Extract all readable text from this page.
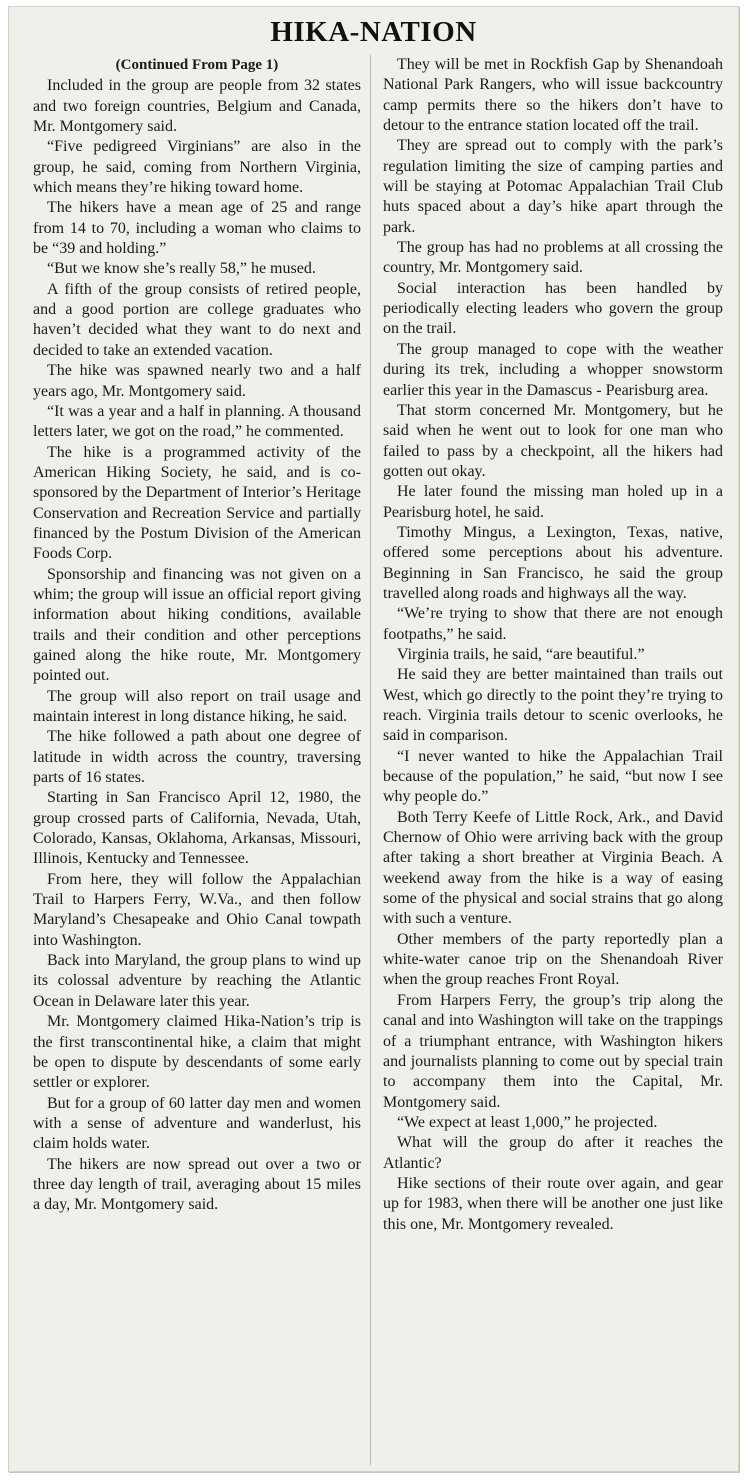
HIKA-NATION

(Continued From Page 1)

Included in the group are people from 32 states and two foreign countries, Belgium and Canada, Mr. Montgomery said.

“Five pedigreed Virginians” are also in the group, he said, coming from Northern Virginia, which means they’re hiking toward home.

The hikers have a mean age of 25 and range from 14 to 70, including a woman who claims to be “39 and holding.”

“But we know she’s really 58,” he mused.

A fifth of the group consists of retired people, and a good portion are college graduates who haven’t decided what they want to do next and decided to take an extended vacation.

The hike was spawned nearly two and a half years ago, Mr. Montgomery said.

“It was a year and a half in planning. A thousand letters later, we got on the road,” he commented.

The hike is a programmed activity of the American Hiking Society, he said, and is co-sponsored by the Department of Interior’s Heritage Conservation and Recreation Service and partially financed by the Postum Division of the American Foods Corp.

Sponsorship and financing was not given on a whim; the group will issue an official report giving information about hiking conditions, available trails and their condition and other perceptions gained along the hike route, Mr. Montgomery pointed out.

The group will also report on trail usage and maintain interest in long distance hiking, he said.

The hike followed a path about one degree of latitude in width across the country, traversing parts of 16 states.

Starting in San Francisco April 12, 1980, the group crossed parts of California, Nevada, Utah, Colorado, Kansas, Oklahoma, Arkansas, Missouri, Illinois, Kentucky and Tennessee.

From here, they will follow the Appalachian Trail to Harpers Ferry, W.Va., and then follow Maryland’s Chesapeake and Ohio Canal towpath into Washington.

Back into Maryland, the group plans to wind up its colossal adventure by reaching the Atlantic Ocean in Delaware later this year.

Mr. Montgomery claimed Hika-Nation’s trip is the first transcontinental hike, a claim that might be open to dispute by descendants of some early settler or explorer.

But for a group of 60 latter day men and women with a sense of adventure and wanderlust, his claim holds water.

The hikers are now spread out over a two or three day length of trail, averaging about 15 miles a day, Mr. Montgomery said.

They will be met in Rockfish Gap by Shenandoah National Park Rangers, who will issue backcountry camp permits there so the hikers don’t have to detour to the entrance station located off the trail.

They are spread out to comply with the park’s regulation limiting the size of camping parties and will be staying at Potomac Appalachian Trail Club huts spaced about a day’s hike apart through the park.

The group has had no problems at all crossing the country, Mr. Montgomery said.

Social interaction has been handled by periodically electing leaders who govern the group on the trail.

The group managed to cope with the weather during its trek, including a whopper snowstorm earlier this year in the Damascus - Pearisburg area.

That storm concerned Mr. Montgomery, but he said when he went out to look for one man who failed to pass by a checkpoint, all the hikers had gotten out okay.

He later found the missing man holed up in a Pearisburg hotel, he said.

Timothy Mingus, a Lexington, Texas, native, offered some perceptions about his adventure. Beginning in San Francisco, he said the group travelled along roads and highways all the way.

“We’re trying to show that there are not enough footpaths,” he said.

Virginia trails, he said, “are beautiful.”

He said they are better maintained than trails out West, which go directly to the point they’re trying to reach. Virginia trails detour to scenic overlooks, he said in comparison.

“I never wanted to hike the Appalachian Trail because of the population,” he said, “but now I see why people do.”

Both Terry Keefe of Little Rock, Ark., and David Chernow of Ohio were arriving back with the group after taking a short breather at Virginia Beach. A weekend away from the hike is a way of easing some of the physical and social strains that go along with such a venture.

Other members of the party reportedly plan a white-water canoe trip on the Shenandoah River when the group reaches Front Royal.

From Harpers Ferry, the group’s trip along the canal and into Washington will take on the trappings of a triumphant entrance, with Washington hikers and journalists planning to come out by special train to accompany them into the Capital, Mr. Montgomery said.

“We expect at least 1,000,” he projected.

What will the group do after it reaches the Atlantic?

Hike sections of their route over again, and gear up for 1983, when there will be another one just like this one, Mr. Montgomery revealed.
